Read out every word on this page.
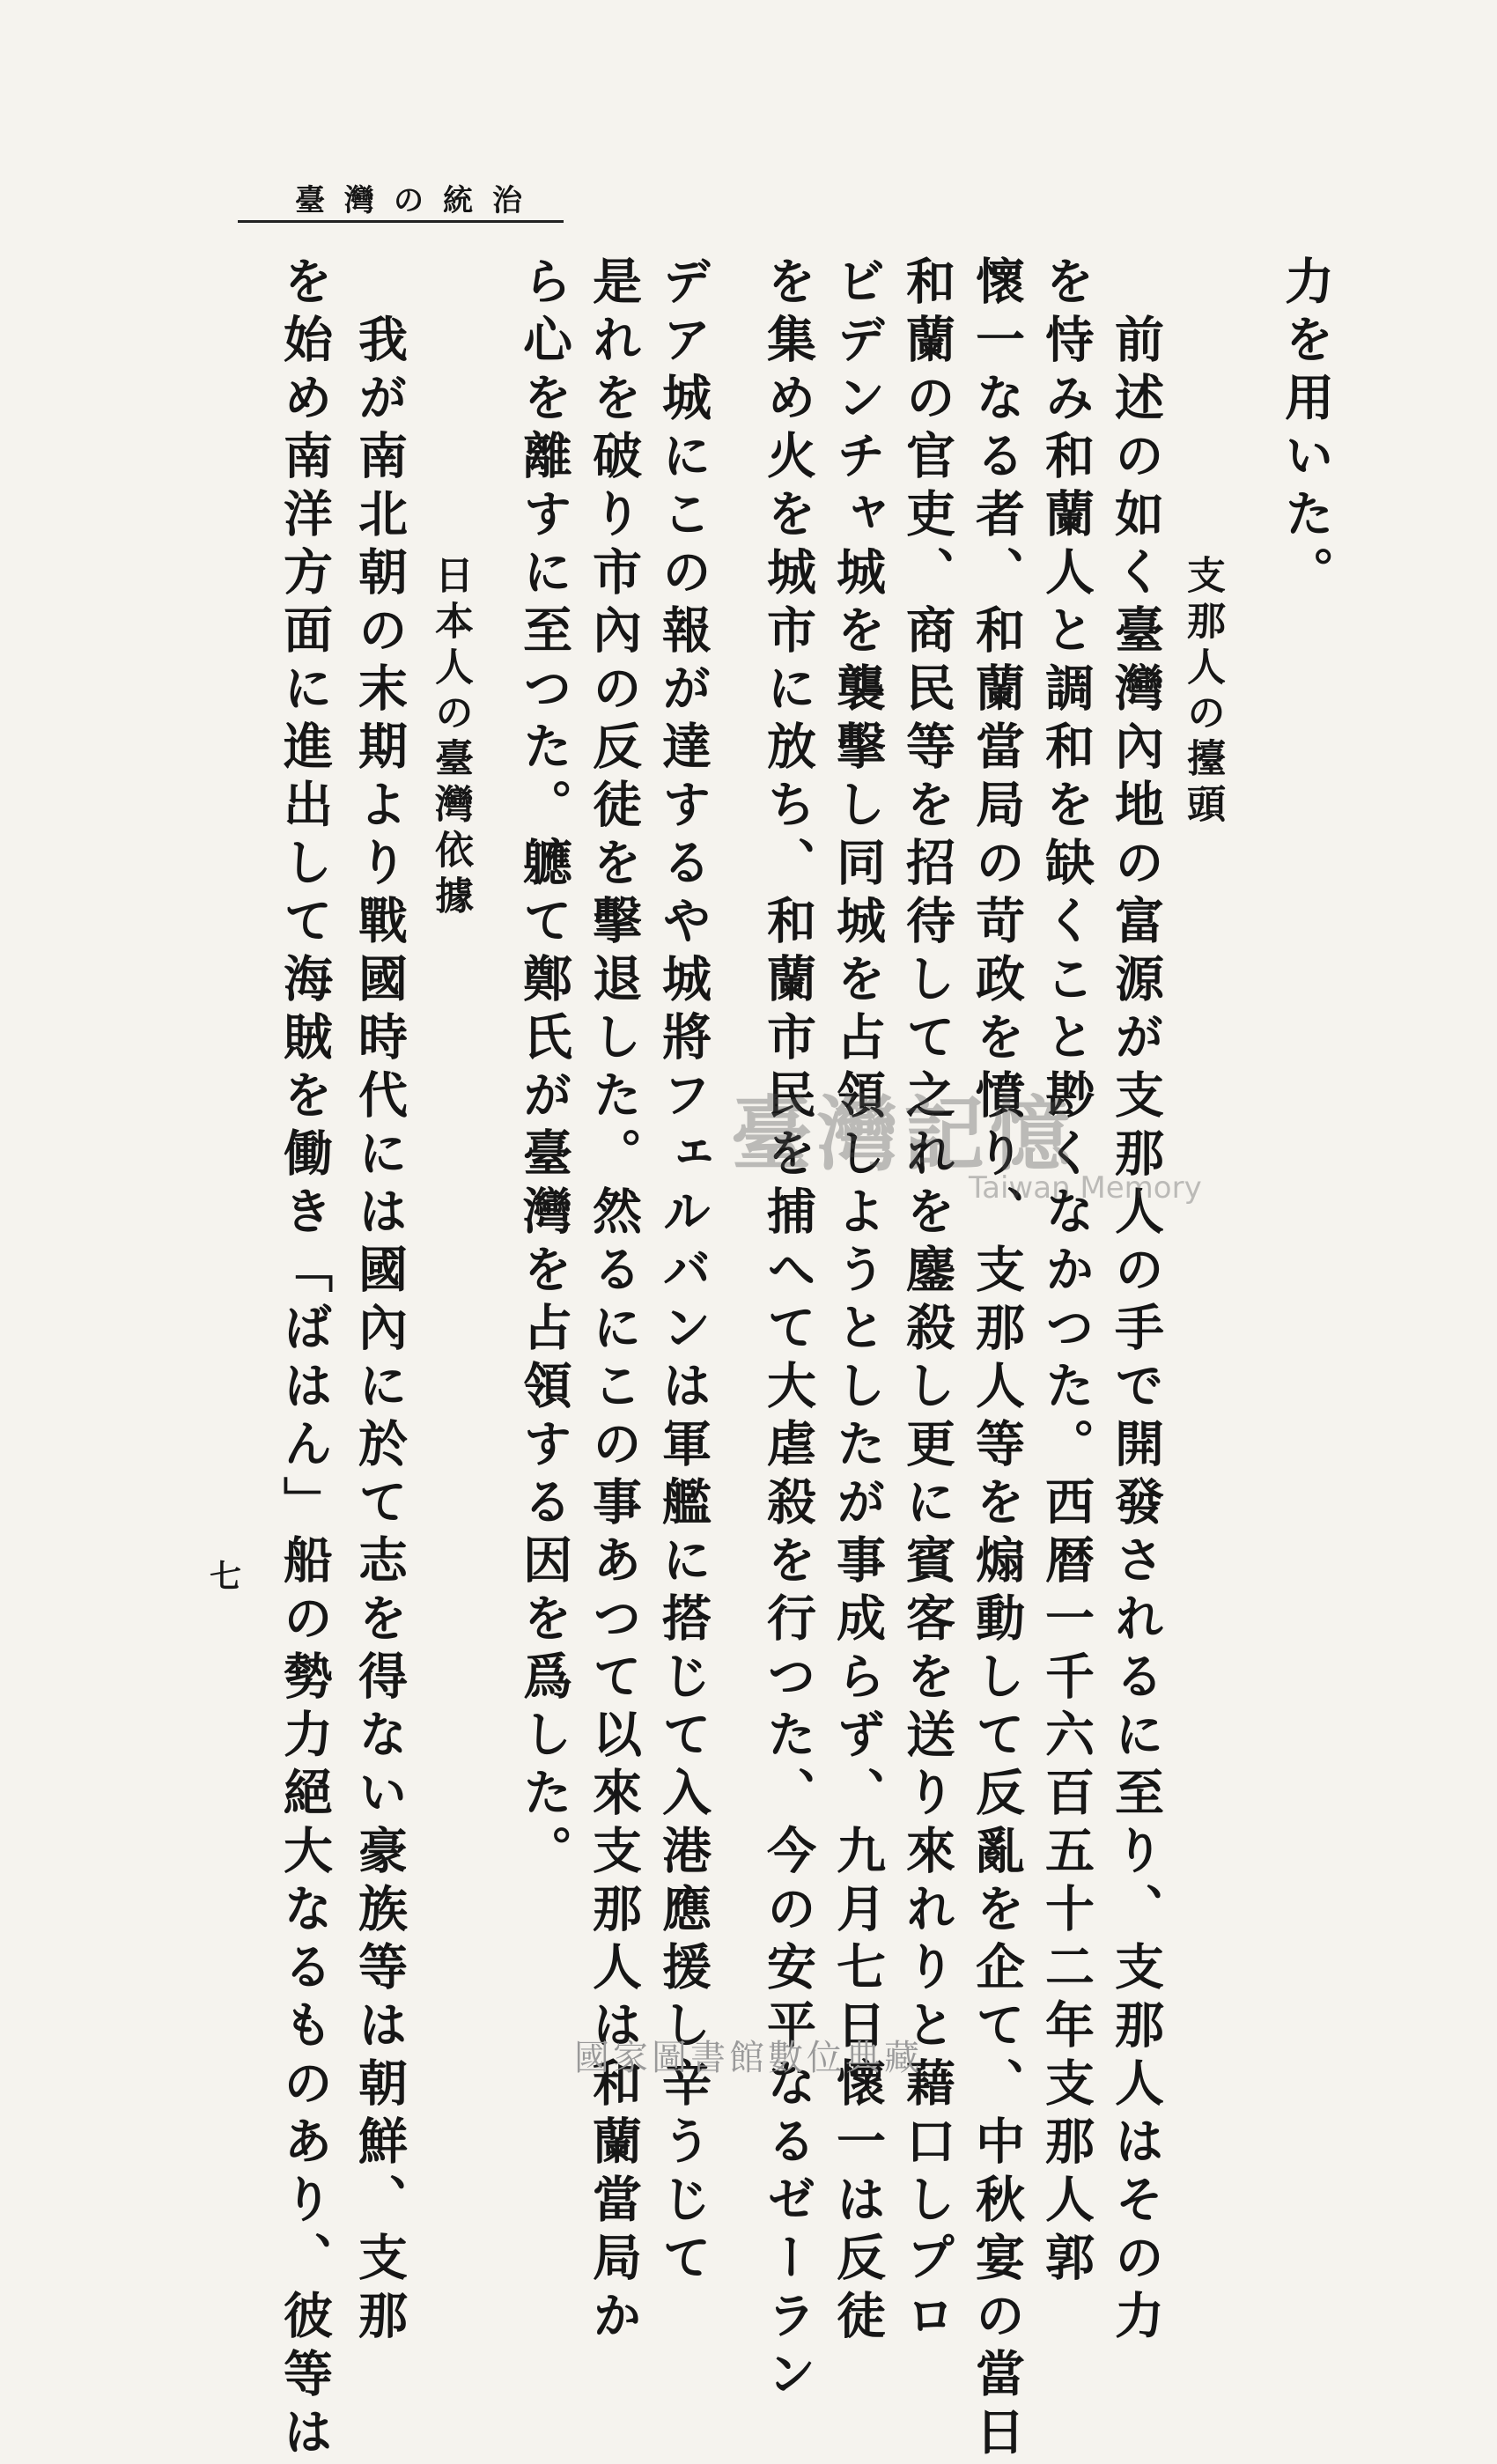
臺灣の統治
力を用いた。
前述の如く臺灣內地の富源が支那人の手で開發されるに至り、支那人はその力 支那人の擡頭
を恃み和蘭人と調和を缺くこと尠くなかつた。西暦一千六百五十二年支那人郭
懷一なる者、和蘭當局の苛政を憤り、支那人等を煽動して反亂を企て、中秋宴の當日
和蘭の官吏、商民等を招待して之れを鏖殺し更に賓客を送り來れりと藉口しプロ
ビデンチャ城を襲擊し同城を占領しようとしたが事成らず、九月七日懷一は反徒
を集め火を城市に放ち、和蘭市民を捕へて大虐殺を行つた、今の安平なるゼーラン
デア城にこの報が達するや城將フェルバンは軍艦に搭じて入港應援し辛うじて
是れを破り市內の反徒を擊退した。然るにこの事あつて以來支那人は和蘭當局か
ら心を離すに至つた。軈て鄭氏が臺灣を占領する因を爲した。
日本人の臺灣依據
我が南北朝の末期より戰國時代には國內に於て志を得ない豪族等は朝鮮、支那
を始め南洋方面に進出して海賊を働き「ばはん」船の勢力絕大なるものあり、彼等は
七
臺灣記憶
Taiwan Memory
國家圖書館數位典藏
